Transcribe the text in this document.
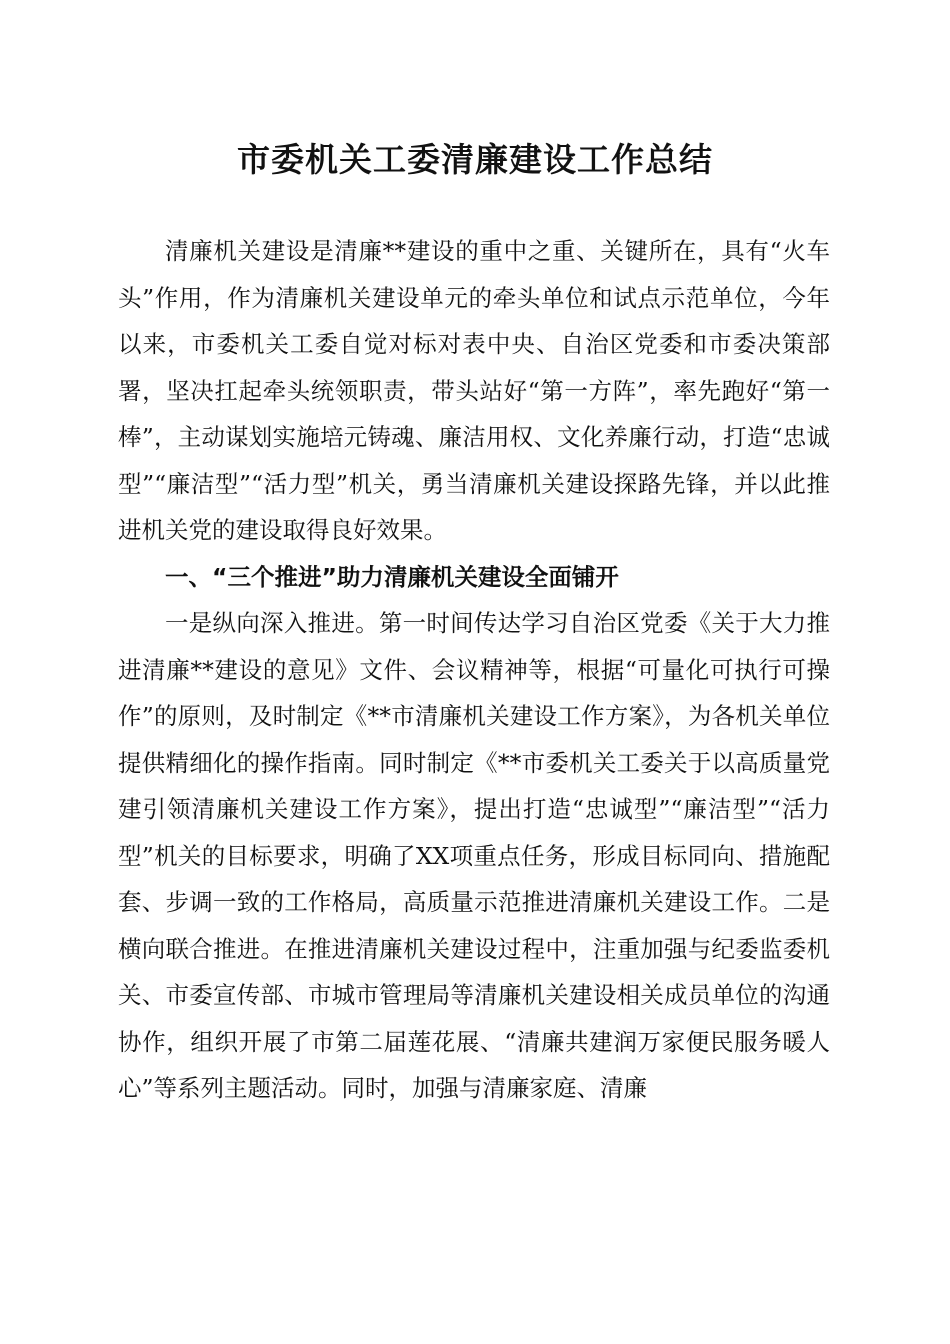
市委机关工委清廉建设工作总结

清廉机关建设是清廉**建设的重中之重、关键所在，具有“火车头”作用，作为清廉机关建设单元的牵头单位和试点示范单位，今年以来，市委机关工委自觉对标对表中央、自治区党委和市委决策部署，坚决扛起牵头统领职责，带头站好“第一方阵”，率先跑好“第一棒”，主动谋划实施培元铸魂、廉洁用权、文化养廉行动，打造“忠诚型”“廉洁型”“活力型”机关，勇当清廉机关建设探路先锋，并以此推进机关党的建设取得良好效果。

一、“三个推进”助力清廉机关建设全面铺开

一是纵向深入推进。第一时间传达学习自治区党委《关于大力推进清廉**建设的意见》文件、会议精神等，根据“可量化可执行可操作”的原则，及时制定《**市清廉机关建设工作方案》，为各机关单位提供精细化的操作指南。同时制定《**市委机关工委关于以高质量党建引领清廉机关建设工作方案》，提出打造“忠诚型”“廉洁型”“活力型”机关的目标要求，明确了XX项重点任务，形成目标同向、措施配套、步调一致的工作格局，高质量示范推进清廉机关建设工作。二是横向联合推进。在推进清廉机关建设过程中，注重加强与纪委监委机关、市委宣传部、市城市管理局等清廉机关建设相关成员单位的沟通协作，组织开展了市第二届莲花展、“清廉共建润万家便民服务暖人心”等系列主题活动。同时，加强与清廉家庭、清廉
